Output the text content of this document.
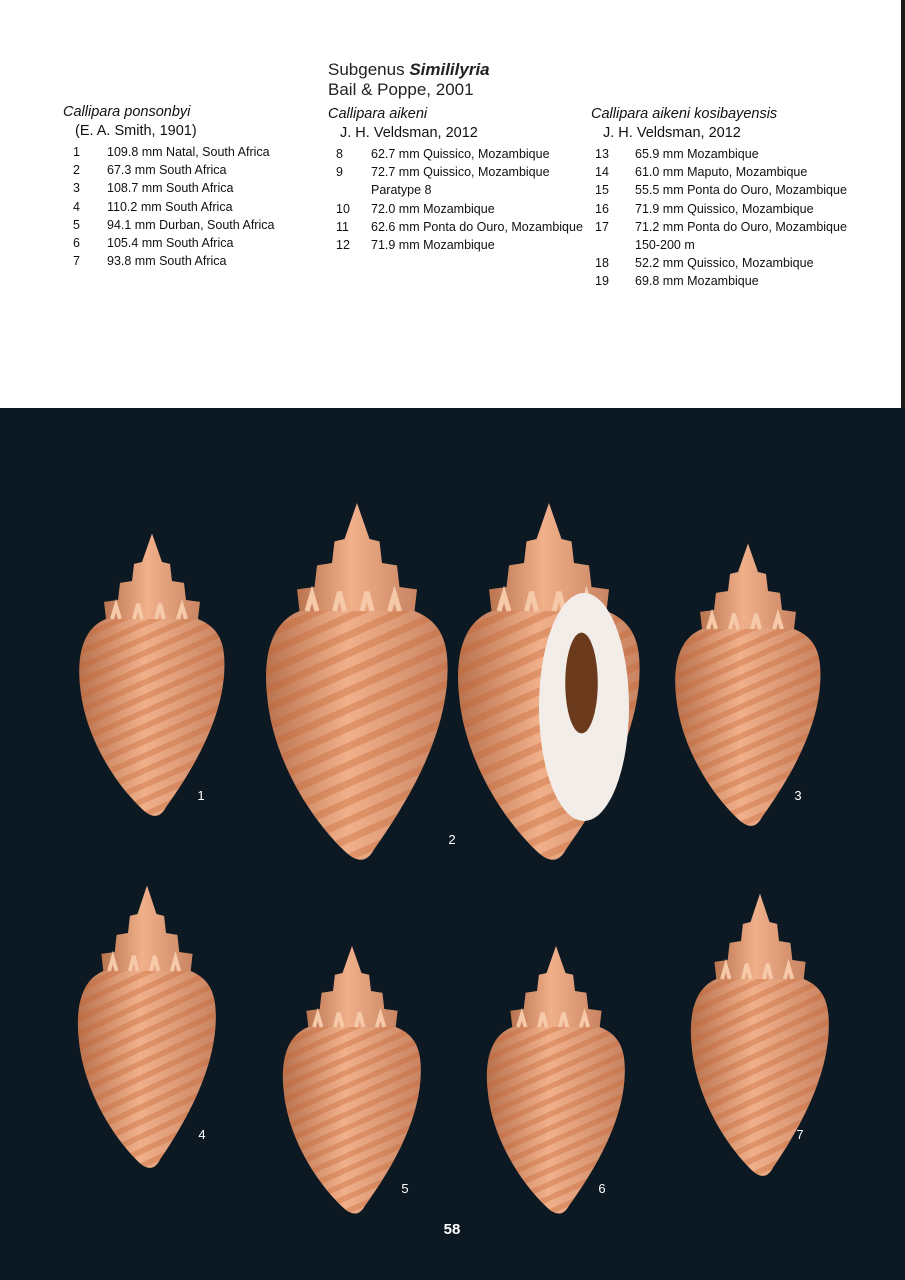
Subgenus Simililyria
Bail & Poppe, 2001
Callipara ponsonbyi
(E. A. Smith, 1901)
1	109.8 mm Natal, South Africa
2	67.3 mm South Africa
3	108.7 mm South Africa
4	110.2 mm South Africa
5	94.1 mm Durban, South Africa
6	105.4 mm South Africa
7	93.8 mm South Africa
Callipara aikeni
J. H. Veldsman, 2012
8	62.7 mm Quissico, Mozambique
9	72.7 mm Quissico, Mozambique Paratype 8
10	72.0 mm Mozambique
11	62.6 mm Ponta do Ouro, Mozambique
12	71.9 mm Mozambique
Callipara aikeni kosibayensis
J. H. Veldsman, 2012
13	65.9 mm Mozambique
14	61.0 mm Maputo, Mozambique
15	55.5 mm Ponta do Ouro, Mozambique
16	71.9 mm Quissico, Mozambique
17	71.2 mm Ponta do Ouro, Mozambique 150-200 m
18	52.2 mm Quissico, Mozambique
19	69.8 mm Mozambique
1
2
3
4
5	6
7
58
